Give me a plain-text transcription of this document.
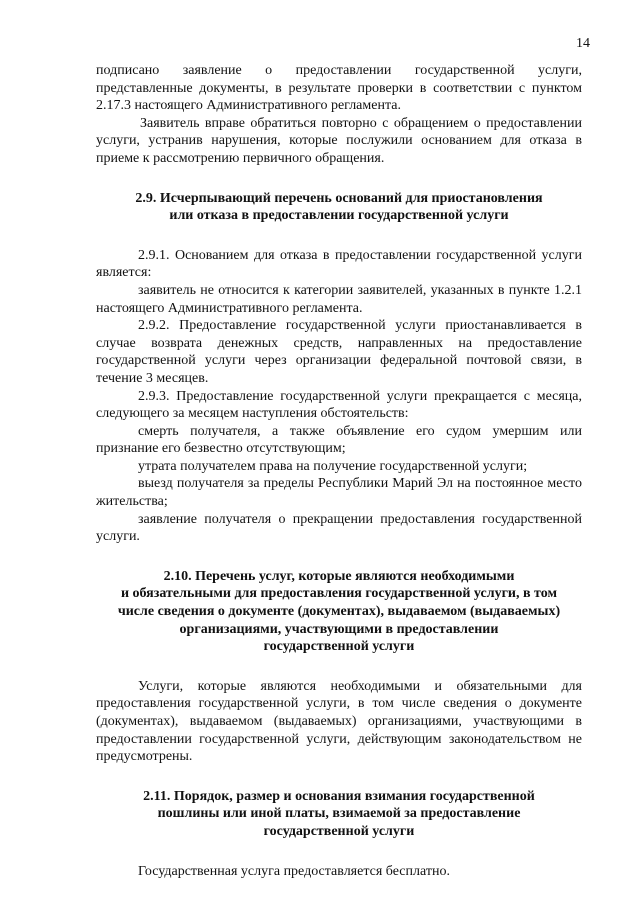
14

подписано заявление о предоставлении государственной услуги, представленные документы, в результате проверки в соответствии с пунктом 2.17.3 настоящего Административного регламента.

Заявитель вправе обратиться повторно с обращением о предоставлении услуги, устранив нарушения, которые послужили основанием для отказа в приеме к рассмотрению первичного обращения.

2.9. Исчерпывающий перечень оснований для приостановления
или отказа в предоставлении государственной услуги

2.9.1. Основанием для отказа в предоставлении государственной услуги является:

заявитель не относится к категории заявителей, указанных в пункте 1.2.1 настоящего Административного регламента.

2.9.2. Предоставление государственной услуги приостанавливается в случае возврата денежных средств, направленных на предоставление государственной услуги через организации федеральной почтовой связи, в течение 3 месяцев.

2.9.3. Предоставление государственной услуги прекращается с месяца, следующего за месяцем наступления обстоятельств:

смерть получателя, а также объявление его судом умершим или признание его безвестно отсутствующим;

утрата получателем права на получение государственной услуги;

выезд получателя за пределы Республики Марий Эл на постоянное место жительства;

заявление получателя о прекращении предоставления государственной услуги.

2.10. Перечень услуг, которые являются необходимыми
и обязательными для предоставления государственной услуги, в том
числе сведения о документе (документах), выдаваемом (выдаваемых)
организациями, участвующими в предоставлении
государственной услуги

Услуги, которые являются необходимыми и обязательными для предоставления государственной услуги, в том числе сведения о документе (документах), выдаваемом (выдаваемых) организациями, участвующими в предоставлении государственной услуги, действующим законодательством не предусмотрены.

2.11. Порядок, размер и основания взимания государственной
пошлины или иной платы, взимаемой за предоставление
государственной услуги

Государственная услуга предоставляется бесплатно.
